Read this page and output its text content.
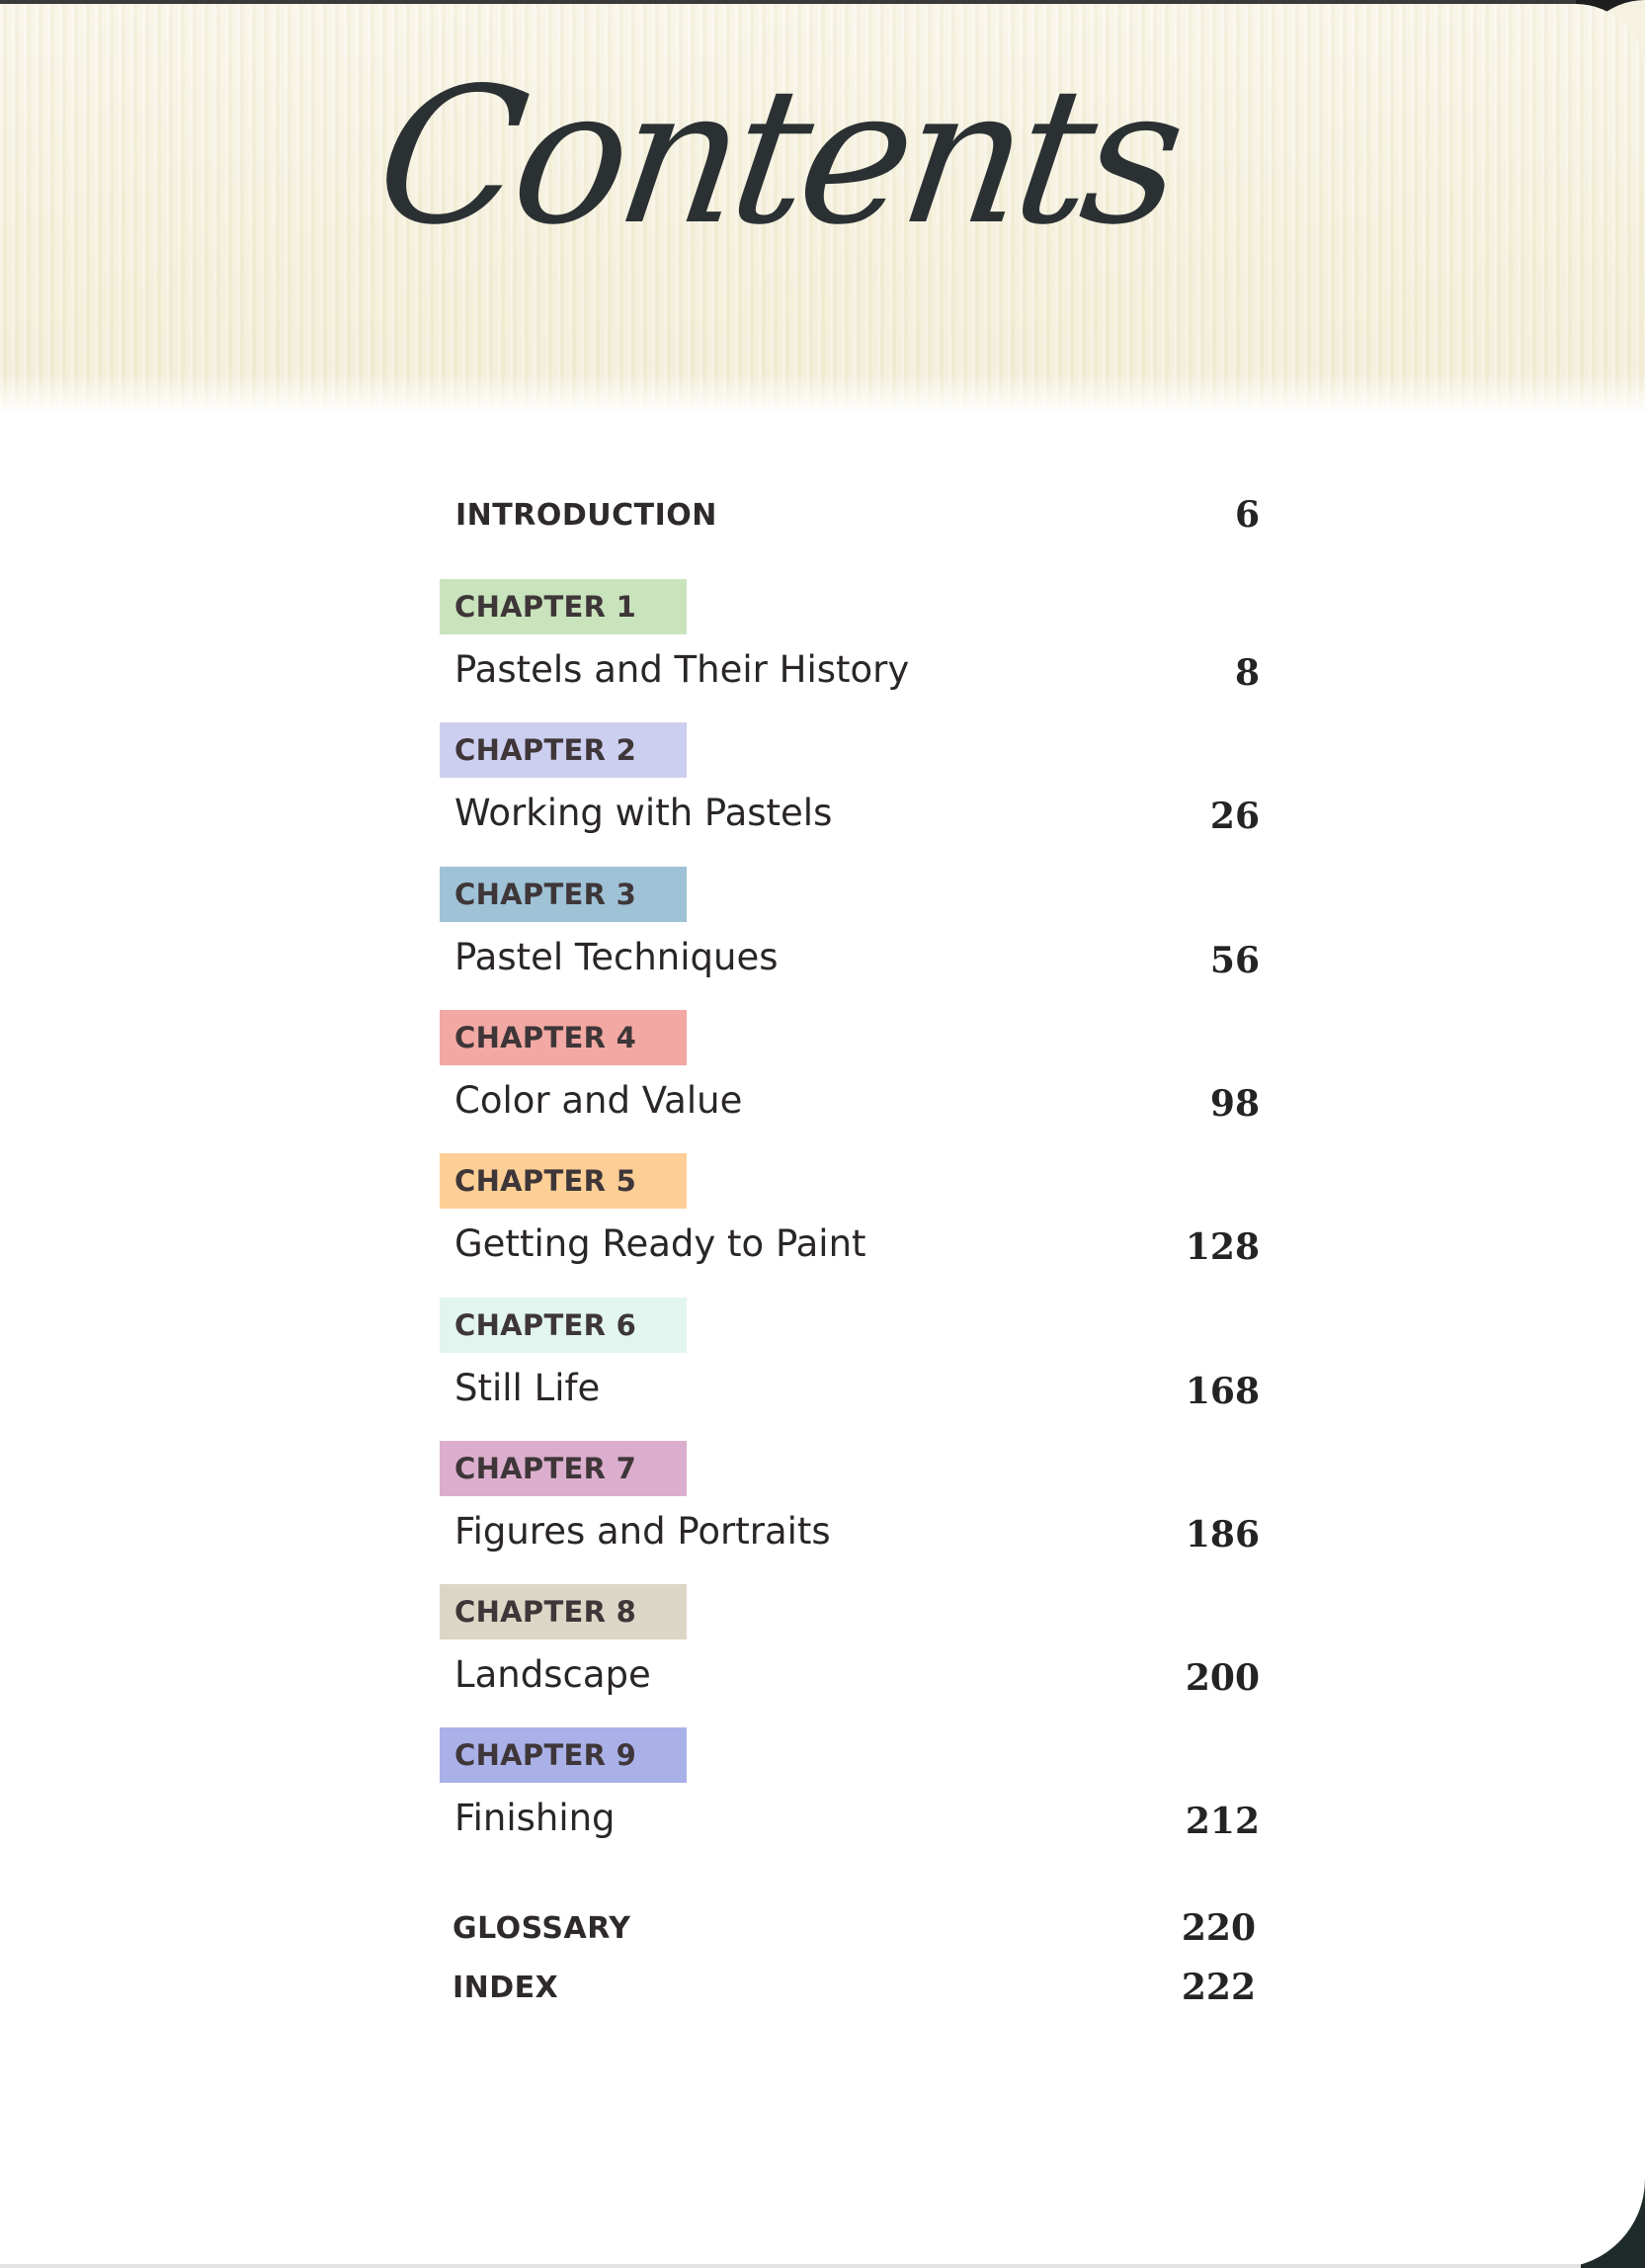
Contents
INTRODUCTION	6
CHAPTER 1
Pastels and Their History	8
CHAPTER 2
Working with Pastels	26
CHAPTER 3
Pastel Techniques	56
CHAPTER 4
Color and Value	98
CHAPTER 5
Getting Ready to Paint	128
CHAPTER 6
Still Life	168
CHAPTER 7
Figures and Portraits	186
CHAPTER 8
Landscape	200
CHAPTER 9
Finishing	212
GLOSSARY	220
INDEX	222
